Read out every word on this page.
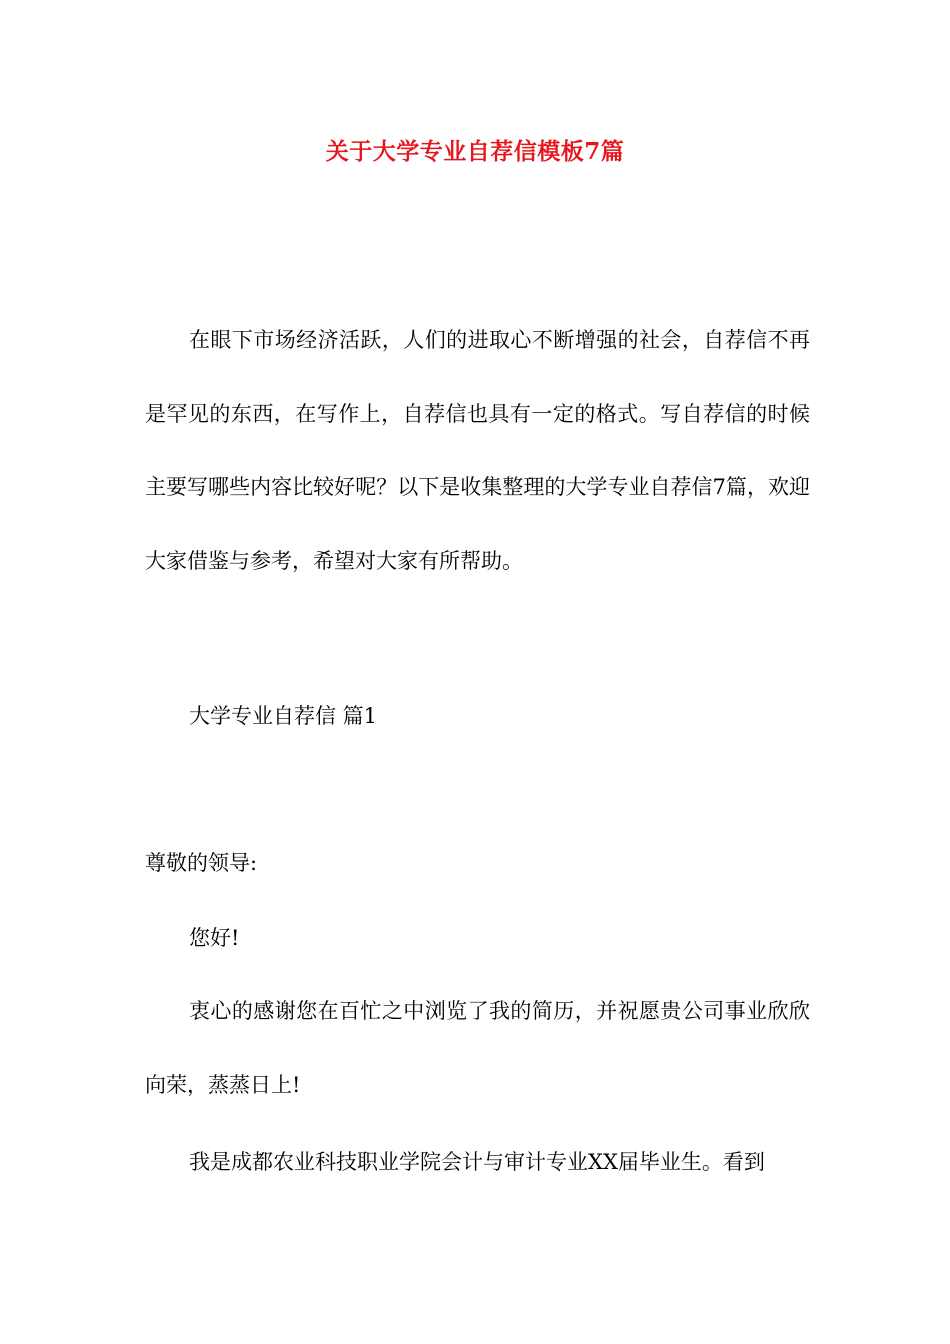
关于大学专业自荐信模板7篇

在眼下市场经济活跃，人们的进取心不断增强的社会，自荐信不再是罕见的东西，在写作上，自荐信也具有一定的格式。写自荐信的时候主要写哪些内容比较好呢？以下是收集整理的大学专业自荐信7篇，欢迎大家借鉴与参考，希望对大家有所帮助。

大学专业自荐信 篇1

尊敬的领导:

您好!

衷心的感谢您在百忙之中浏览了我的简历，并祝愿贵公司事业欣欣向荣，蒸蒸日上!

我是成都农业科技职业学院会计与审计专业XX届毕业生。看到
